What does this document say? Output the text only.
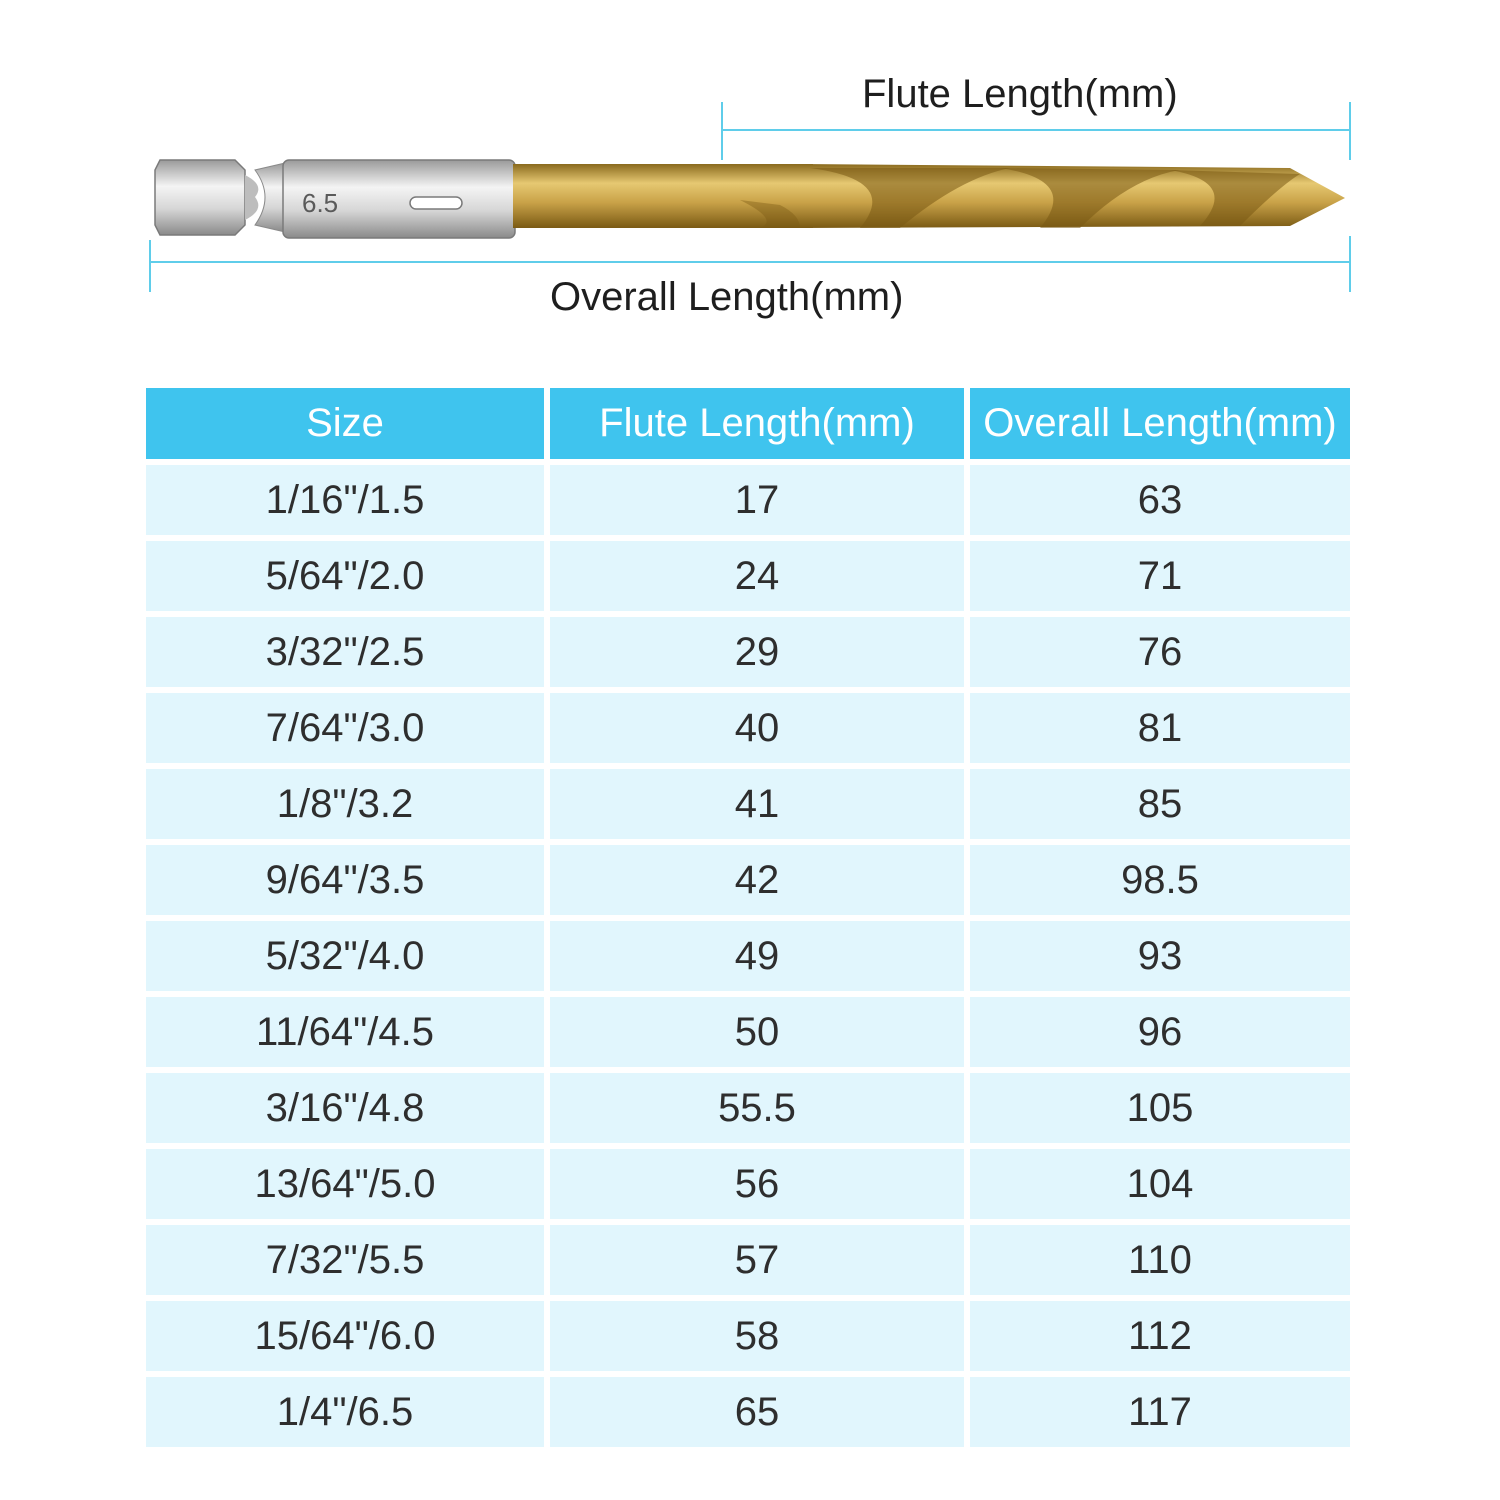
6.5
Flute Length(mm)
Overall Length(mm)
Size	Flute Length(mm)	Overall Length(mm)
1/16"/1.5	17	63
5/64"/2.0	24	71
3/32"/2.5	29	76
7/64"/3.0	40	81
1/8"/3.2	41	85
9/64"/3.5	42	98.5
5/32"/4.0	49	93
11/64"/4.5	50	96
3/16"/4.8	55.5	105
13/64"/5.0	56	104
7/32"/5.5	57	110
15/64"/6.0	58	112
1/4"/6.5	65	117
